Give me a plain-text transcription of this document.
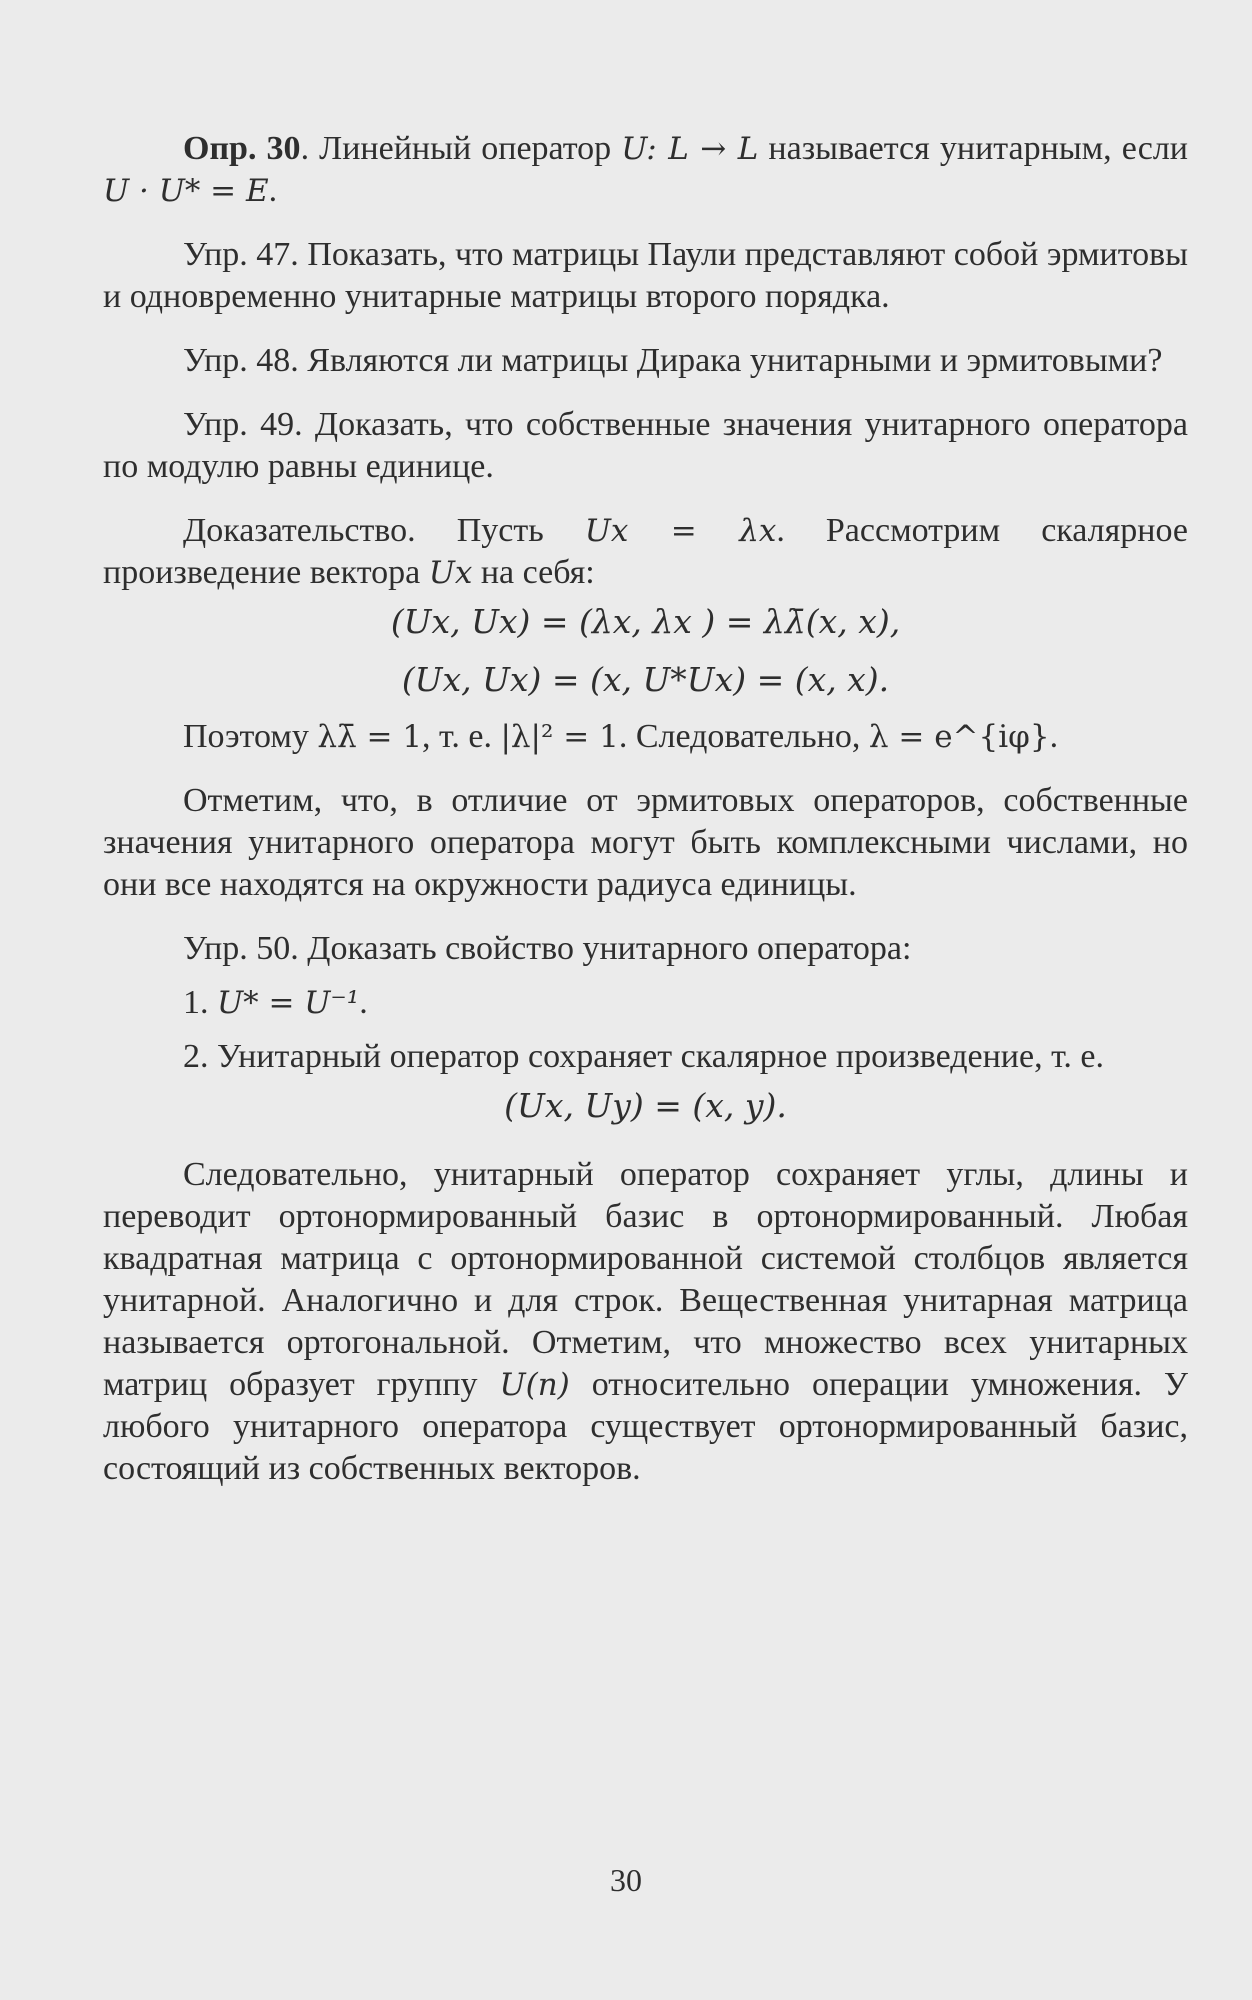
Опр. 30. Линейный оператор U: L → L называется унитарным, если U · U* = E.

Упр. 47. Показать, что матрицы Паули представляют собой эрмитовы и одновременно унитарные матрицы второго порядка.

Упр. 48. Являются ли матрицы Дирака унитарными и эрмитовыми?

Упр. 49. Доказать, что собственные значения унитарного оператора по модулю равны единице.

Доказательство. Пусть Ux = λx. Рассмотрим скалярное произведение вектора Ux на себя:

(Ux, Ux) = (λx, λx ) = λλ̄(x, x),
(Ux, Ux) = (x, U*Ux) = (x, x).

Поэтому λλ̄ = 1, т. е. |λ|² = 1. Следовательно, λ = e^{iφ}.

Отметим, что, в отличие от эрмитовых операторов, собственные значения унитарного оператора могут быть комплексными числами, но они все находятся на окружности радиуса единицы.

Упр. 50. Доказать свойство унитарного оператора:

1. U* = U⁻¹.

2. Унитарный оператор сохраняет скалярное произведение, т. е.

(Ux, Uy) = (x, y).

Следовательно, унитарный оператор сохраняет углы, длины и переводит ортонормированный базис в ортонормированный. Любая квадратная матрица с ортонормированной системой столбцов является унитарной. Аналогично и для строк. Вещественная унитарная матрица называется ортогональной. Отметим, что множество всех унитарных матриц образует группу U(n) относительно операции умножения. У любого унитарного оператора существует ортонормированный базис, состоящий из собственных векторов.

30
